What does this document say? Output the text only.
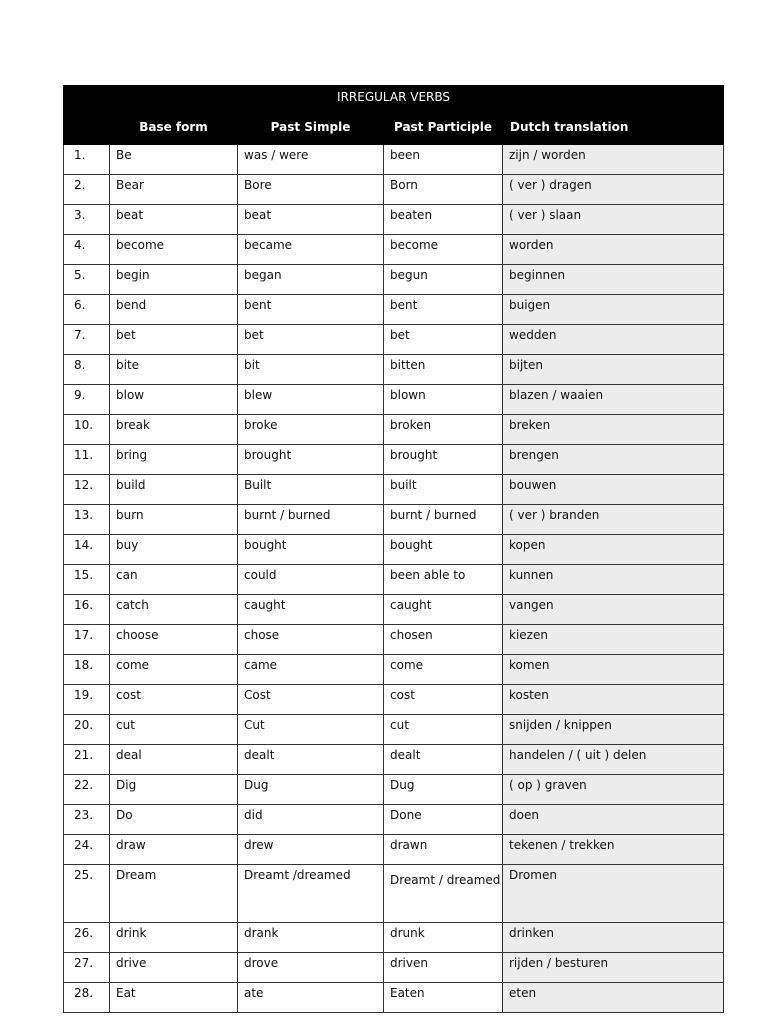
IRREGULAR VERBS				
	Base form	Past Simple	Past Participle	Dutch translation
1.	Be	was / were	been	zijn / worden
2.	Bear	Bore	Born	( ver ) dragen
3.	beat	beat	beaten	( ver ) slaan
4.	become	became	become	worden
5.	begin	began	begun	beginnen
6.	bend	bent	bent	buigen
7.	bet	bet	bet	wedden
8.	bite	bit	bitten	bijten
9.	blow	blew	blown	blazen / waaien
10.	break	broke	broken	breken
11.	bring	brought	brought	brengen
12.	build	Built	built	bouwen
13.	burn	burnt / burned	burnt / burned	( ver ) branden
14.	buy	bought	bought	kopen
15.	can	could	been able to	kunnen
16.	catch	caught	caught	vangen
17.	choose	chose	chosen	kiezen
18.	come	came	come	komen
19.	cost	Cost	cost	kosten
20.	cut	Cut	cut	snijden / knippen
21.	deal	dealt	dealt	handelen / ( uit ) delen
22.	Dig	Dug	Dug	( op ) graven
23.	Do	did	Done	doen
24.	draw	drew	drawn	tekenen / trekken
25.	Dream	Dreamt /dreamed	Dreamt / dreamed	Dromen
26.	drink	drank	drunk	drinken
27.	drive	drove	driven	rijden / besturen
28.	Eat	ate	Eaten	eten
